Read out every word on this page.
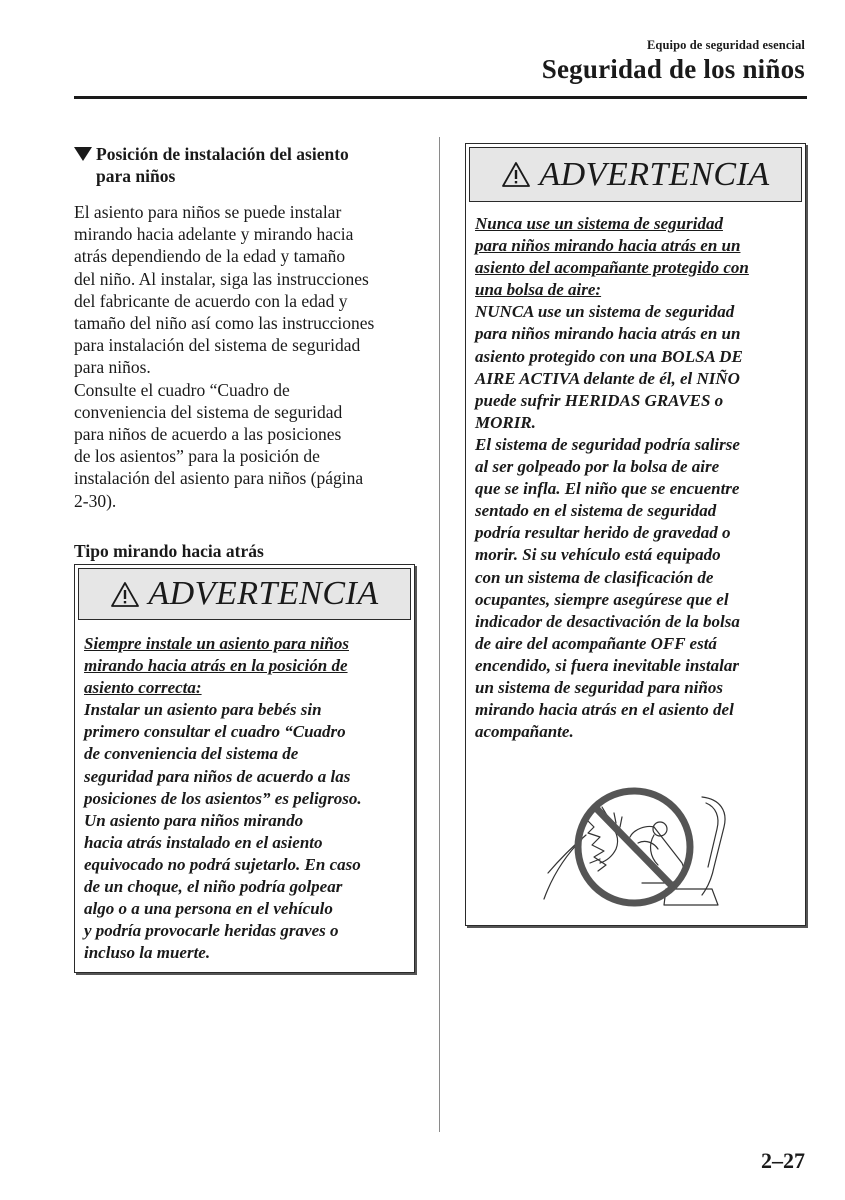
Equipo de seguridad esencial
Seguridad de los niños
Posición de instalación del asiento
para niños

El asiento para niños se puede instalar
mirando hacia adelante y mirando hacia
atrás dependiendo de la edad y tamaño
del niño. Al instalar, siga las instrucciones
del fabricante de acuerdo con la edad y
tamaño del niño así como las instrucciones
para instalación del sistema de seguridad
para niños.

Consulte el cuadro “Cuadro de
conveniencia del sistema de seguridad
para niños de acuerdo a las posiciones
de los asientos” para la posición de
instalación del asiento para niños (página
2-30).

Tipo mirando hacia atrás
ADVERTENCIA
Siempre instale un asiento para niños
mirando hacia atrás en la posición de
asiento correcta:
Instalar un asiento para bebés sin
primero consultar el cuadro “Cuadro
de conveniencia del sistema de
seguridad para niños de acuerdo a las
posiciones de los asientos” es peligroso.
Un asiento para niños mirando
hacia atrás instalado en el asiento
equivocado no podrá sujetarlo. En caso
de un choque, el niño podría golpear
algo o a una persona en el vehículo
y podría provocarle heridas graves o
incluso la muerte.
ADVERTENCIA
Nunca use un sistema de seguridad
para niños mirando hacia atrás en un
asiento del acompañante protegido con
una bolsa de aire:
NUNCA use un sistema de seguridad
para niños mirando hacia atrás en un
asiento protegido con una BOLSA DE
AIRE ACTIVA delante de él, el NIÑO
puede sufrir HERIDAS GRAVES o
MORIR.
El sistema de seguridad podría salirse
al ser golpeado por la bolsa de aire
que se infla. El niño que se encuentre
sentado en el sistema de seguridad
podría resultar herido de gravedad o
morir. Si su vehículo está equipado
con un sistema de clasificación de
ocupantes, siempre asegúrese que el
indicador de desactivación de la bolsa
de aire del acompañante OFF está
encendido, si fuera inevitable instalar
un sistema de seguridad para niños
mirando hacia atrás en el asiento del
acompañante.
2–27
